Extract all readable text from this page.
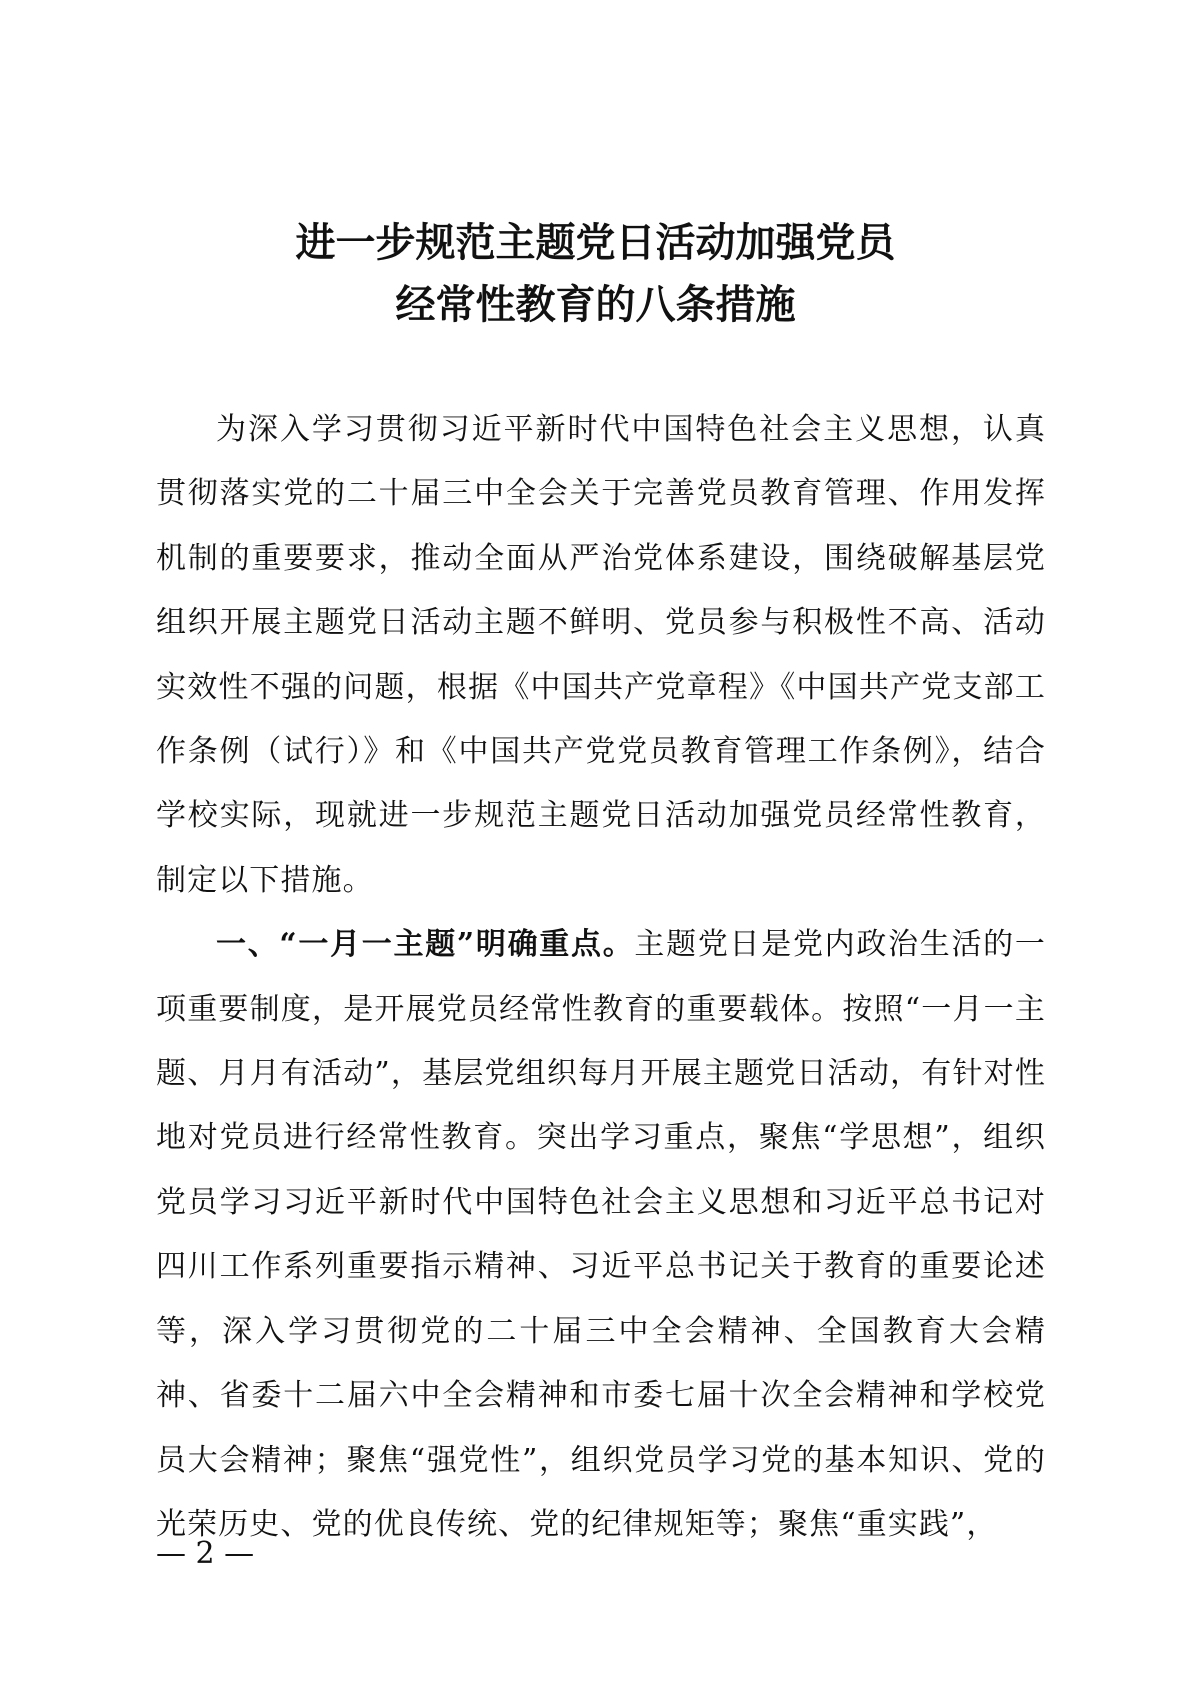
进一步规范主题党日活动加强党员
经常性教育的八条措施

为深入学习贯彻习近平新时代中国特色社会主义思想，认真贯彻落实党的二十届三中全会关于完善党员教育管理、作用发挥机制的重要要求，推动全面从严治党体系建设，围绕破解基层党组织开展主题党日活动主题不鲜明、党员参与积极性不高、活动实效性不强的问题，根据《中国共产党章程》《中国共产党支部工作条例（试行）》和《中国共产党党员教育管理工作条例》，结合学校实际，现就进一步规范主题党日活动加强党员经常性教育，制定以下措施。

一、“一月一主题”明确重点。主题党日是党内政治生活的一项重要制度，是开展党员经常性教育的重要载体。按照“一月一主题、月月有活动”，基层党组织每月开展主题党日活动，有针对性地对党员进行经常性教育。突出学习重点，聚焦“学思想”，组织党员学习习近平新时代中国特色社会主义思想和习近平总书记对四川工作系列重要指示精神、习近平总书记关于教育的重要论述等，深入学习贯彻党的二十届三中全会精神、全国教育大会精神、省委十二届六中全会精神和市委七届十次全会精神和学校党员大会精神；聚焦“强党性”，组织党员学习党的基本知识、党的光荣历史、党的优良传统、党的纪律规矩等；聚焦“重实践”，

— 2 —
